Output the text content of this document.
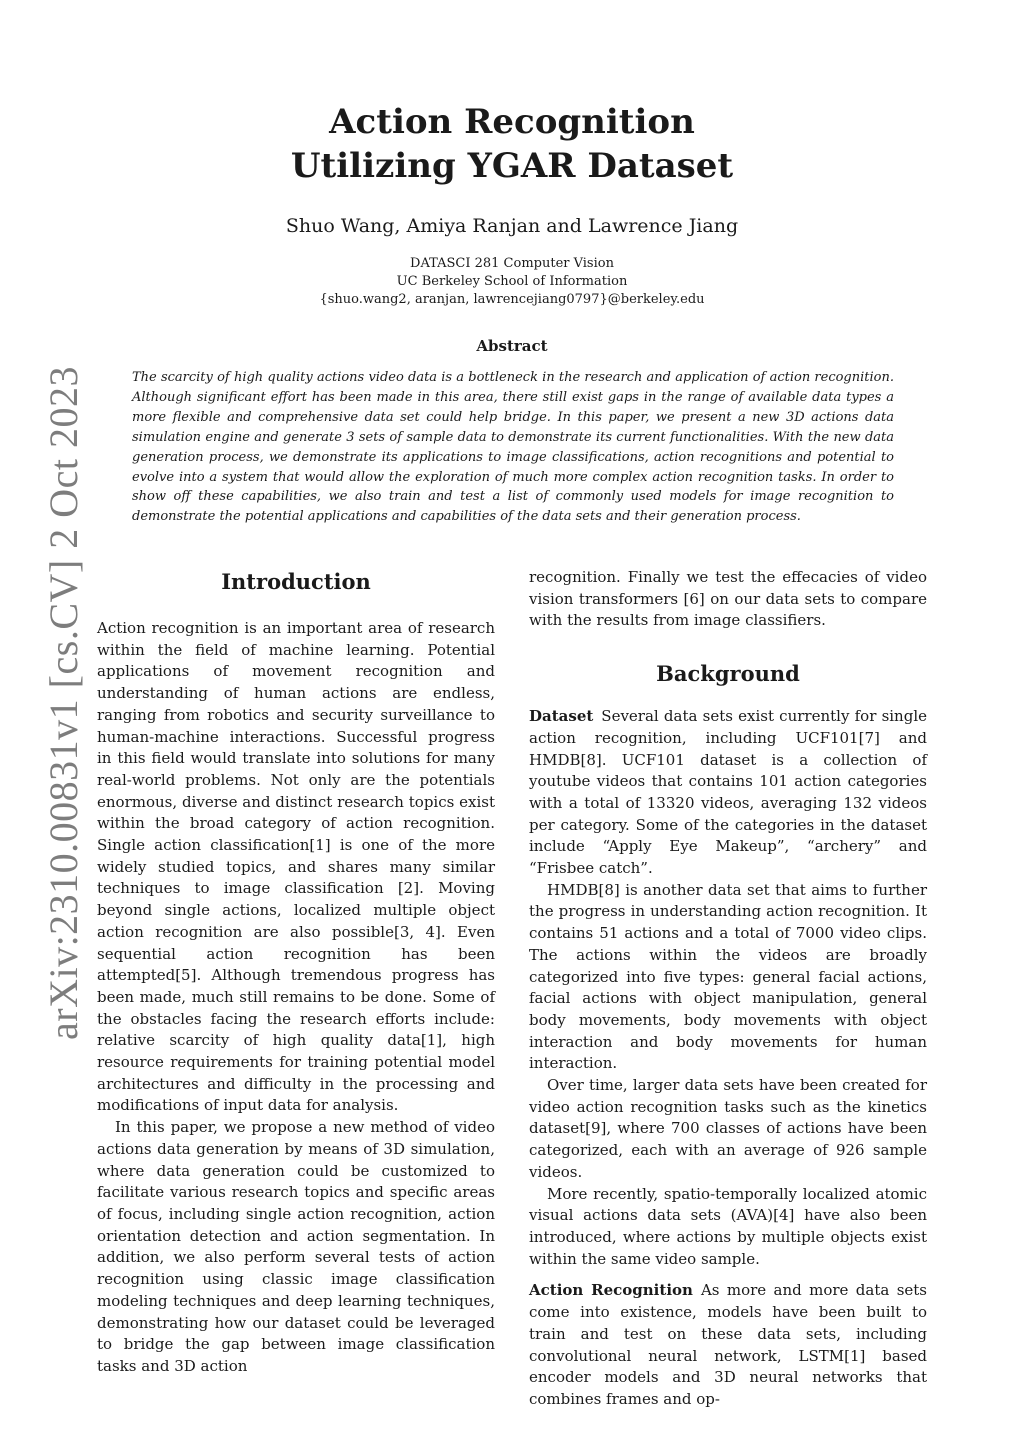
arXiv:2310.00831v1 [cs.CV] 2 Oct 2023
Action Recognition
Utilizing YGAR Dataset
Shuo Wang, Amiya Ranjan and Lawrence Jiang
DATASCI 281 Computer Vision
UC Berkeley School of Information
{shuo.wang2, aranjan, lawrencejiang0797}@berkeley.edu
Abstract

The scarcity of high quality actions video data is a bottleneck in the research and application of action recognition. Although significant effort has been made in this area, there still exist gaps in the range of available data types a more flexible and comprehensive data set could help bridge. In this paper, we present a new 3D actions data simulation engine and generate 3 sets of sample data to demonstrate its current functionalities. With the new data generation process, we demonstrate its applications to image classifications, action recognitions and potential to evolve into a system that would allow the exploration of much more complex action recognition tasks. In order to show off these capabilities, we also train and test a list of commonly used models for image recognition to demonstrate the potential applications and capabilities of the data sets and their generation process.

Introduction

Action recognition is an important area of research within the field of machine learning. Potential applications of movement recognition and understanding of human actions are endless, ranging from robotics and security surveillance to human-machine interactions. Successful progress in this field would translate into solutions for many real-world problems. Not only are the potentials enormous, diverse and distinct research topics exist within the broad category of action recognition. Single action classification[1] is one of the more widely studied topics, and shares many similar techniques to image classification [2]. Moving beyond single actions, localized multiple object action recognition are also possible[3, 4]. Even sequential action recognition has been attempted[5]. Although tremendous progress has been made, much still remains to be done. Some of the obstacles facing the research efforts include: relative scarcity of high quality data[1], high resource requirements for training potential model architectures and difficulty in the processing and modifications of input data for analysis.

In this paper, we propose a new method of video actions data generation by means of 3D simulation, where data generation could be customized to facilitate various research topics and specific areas of focus, including single action recognition, action orientation detection and action segmentation. In addition, we also perform several tests of action recognition using classic image classification modeling techniques and deep learning techniques, demonstrating how our dataset could be leveraged to bridge the gap between image classification tasks and 3D action

recognition. Finally we test the effecacies of video vision transformers [6] on our data sets to compare with the results from image classifiers.

Background

Dataset Several data sets exist currently for single action recognition, including UCF101[7] and HMDB[8]. UCF101 dataset is a collection of youtube videos that contains 101 action categories with a total of 13320 videos, averaging 132 videos per category. Some of the categories in the dataset include “Apply Eye Makeup”, “archery” and “Frisbee catch”.

HMDB[8] is another data set that aims to further the progress in understanding action recognition. It contains 51 actions and a total of 7000 video clips. The actions within the videos are broadly categorized into five types: general facial actions, facial actions with object manipulation, general body movements, body movements with object interaction and body movements for human interaction.

Over time, larger data sets have been created for video action recognition tasks such as the kinetics dataset[9], where 700 classes of actions have been categorized, each with an average of 926 sample videos.

More recently, spatio-temporally localized atomic visual actions data sets (AVA)[4] have also been introduced, where actions by multiple objects exist within the same video sample.

Action Recognition As more and more data sets come into existence, models have been built to train and test on these data sets, including convolutional neural network, LSTM[1] based encoder models and 3D neural networks that combines frames and op-
